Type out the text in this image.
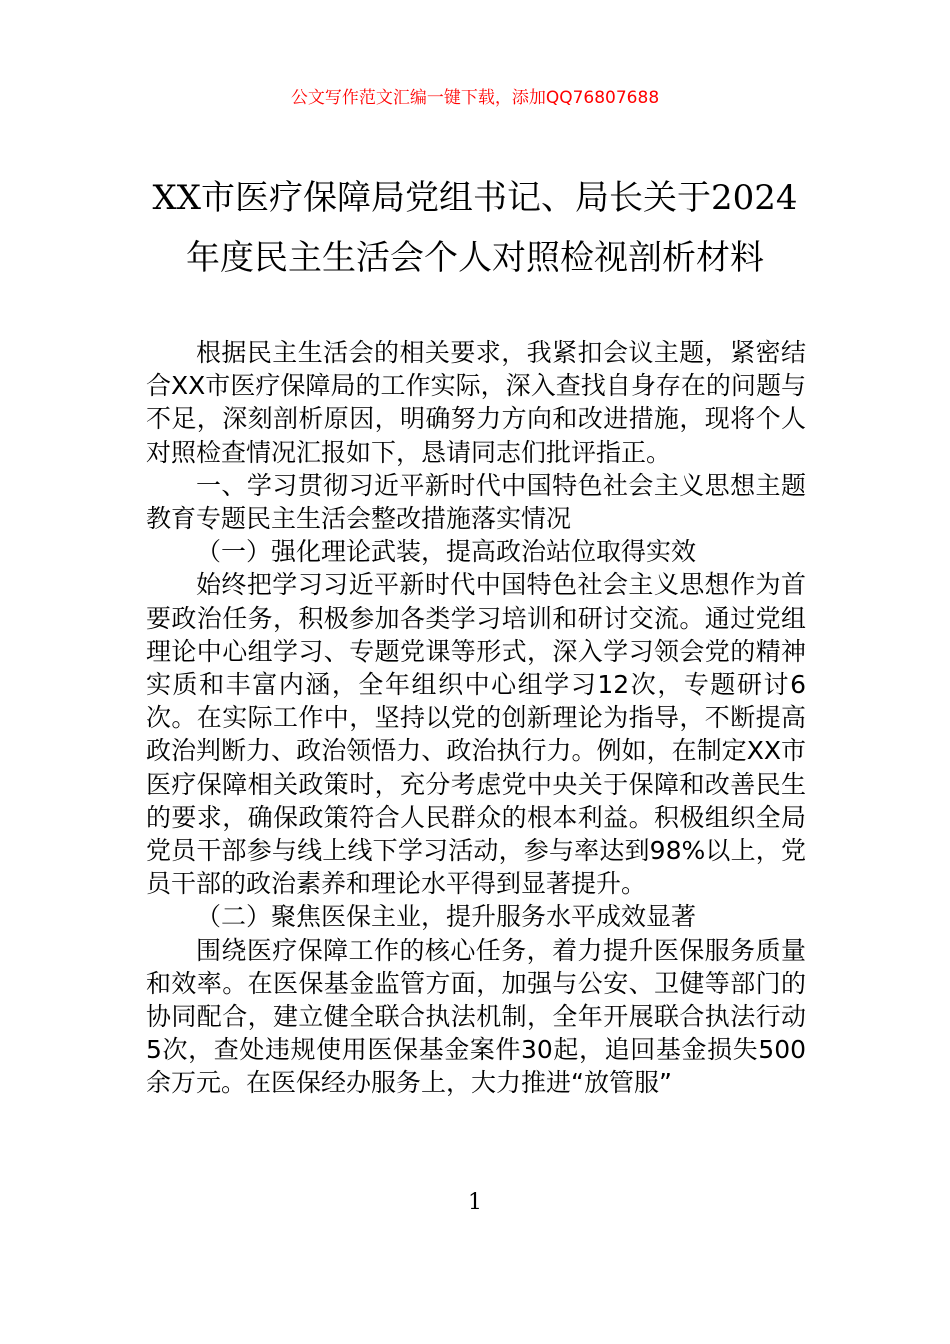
公文写作范文汇编一键下载，添加QQ76807688
XX市医疗保障局党组书记、局长关于2024
年度民主生活会个人对照检视剖析材料

根据民主生活会的相关要求，我紧扣会议主题，紧密结合XX市医疗保障局的工作实际，深入查找自身存在的问题与不足，深刻剖析原因，明确努力方向和改进措施，现将个人对照检查情况汇报如下，恳请同志们批评指正。

一、学习贯彻习近平新时代中国特色社会主义思想主题教育专题民主生活会整改措施落实情况

（一）强化理论武装，提高政治站位取得实效

始终把学习习近平新时代中国特色社会主义思想作为首要政治任务，积极参加各类学习培训和研讨交流。通过党组理论中心组学习、专题党课等形式，深入学习领会党的精神实质和丰富内涵，全年组织中心组学习12次，专题研讨6次。在实际工作中，坚持以党的创新理论为指导，不断提高政治判断力、政治领悟力、政治执行力。例如，在制定XX市医疗保障相关政策时，充分考虑党中央关于保障和改善民生的要求，确保政策符合人民群众的根本利益。积极组织全局党员干部参与线上线下学习活动，参与率达到98%以上，党员干部的政治素养和理论水平得到显著提升。

（二）聚焦医保主业，提升服务水平成效显著

围绕医疗保障工作的核心任务，着力提升医保服务质量和效率。在医保基金监管方面，加强与公安、卫健等部门的协同配合，建立健全联合执法机制，全年开展联合执法行动5次，查处违规使用医保基金案件30起，追回基金损失500余万元。在医保经办服务上，大力推进“放管服”

1
